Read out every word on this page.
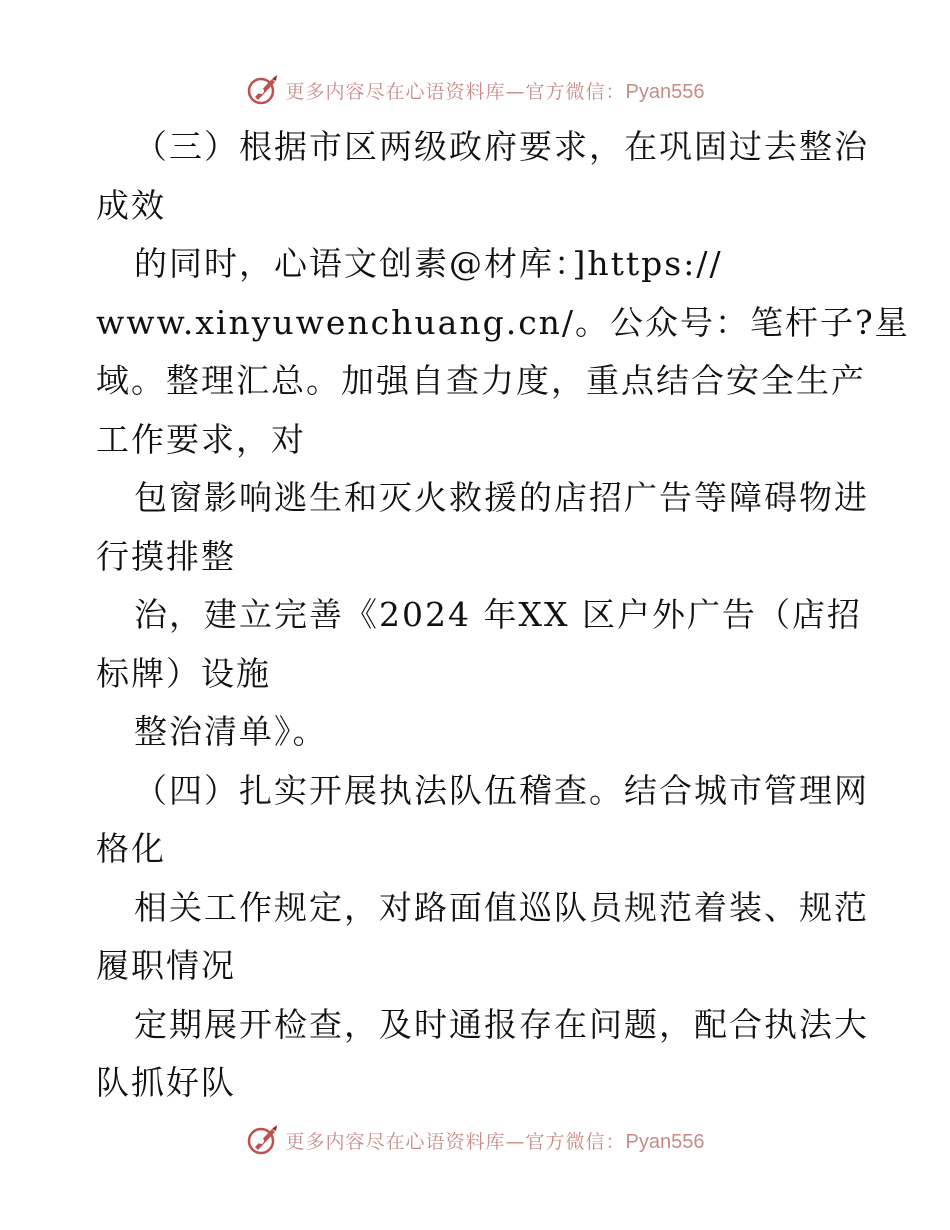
更多内容尽在心语资料库—官方微信：Pyan556
（三）根据市区两级政府要求，在巩固过去整治
成效
的同时，心语文创素@材库：]https://
www.xinyuwenchuang.cn/。公众号：笔杆子?星
域。整理汇总。加强自查力度，重点结合安全生产
工作要求，对
包窗影响逃生和灭火救援的店招广告等障碍物进
行摸排整
治，建立完善《2024 年XX 区户外广告（店招
标牌）设施
整治清单》。
（四）扎实开展执法队伍稽查。结合城市管理网
格化
相关工作规定，对路面值巡队员规范着装、规范
履职情况
定期展开检查，及时通报存在问题，配合执法大
队抓好队
更多内容尽在心语资料库—官方微信：Pyan556
